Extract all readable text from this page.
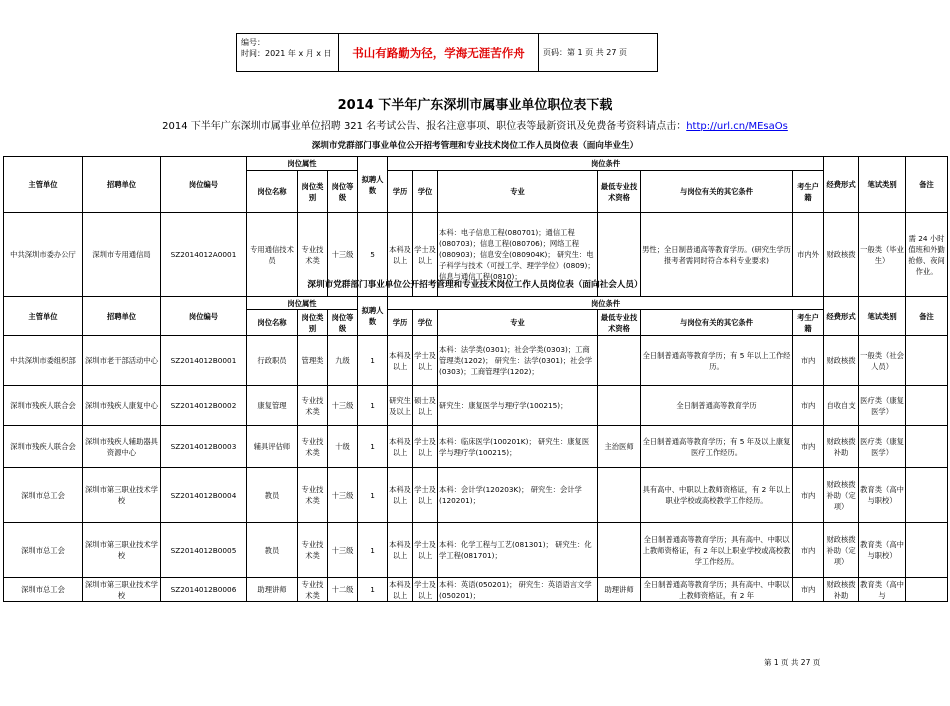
编号：
时间：2021 年 x 月 x 日	书山有路勤为径，学海无涯苦作舟	页码：第 1 页 共 27 页
2014 下半年广东深圳市属事业单位职位表下载
2014 下半年广东深圳市属事业单位招聘 321 名考试公告、报名注意事项、职位表等最新资讯及免费备考资料请点击：http://url.cn/MEsaOs
深圳市党群部门事业单位公开招考管理和专业技术岗位工作人员岗位表（面向毕业生）
主管单位	招聘单位	岗位编号	岗位属性			拟聘人数	岗位条件						经费形式	笔试类别	备注
			岗位名称	岗位类别	岗位等级		学历	学位	专业	最低专业技术资格	与岗位有关的其它条件	考生户籍			
中共深圳市委办公厅	深圳市专用通信局	SZ2014012A0001	专用通信技术员	专业技术类	十三级	5	本科及以上	学士及以上	本科：电子信息工程(080701)；通信工程(080703)；信息工程(080706)；网络工程(080903)；信息安全(080904K)； 研究生：电子科学与技术（可授工学、理学学位）(0809)；信息与通信工程(0810)；		男性；全日制普通高等教育学历。(研究生学历报考者需同时符合本科专业要求)	市内外	财政核拨	一般类（毕业生）	需 24 小时值班和外勤抢修、夜间作业。
深圳市党群部门事业单位公开招考管理和专业技术岗位工作人员岗位表（面向社会人员）
主管单位	招聘单位	岗位编号	岗位属性			拟聘人数	岗位条件						经费形式	笔试类别	备注
			岗位名称	岗位类别	岗位等级		学历	学位	专业	最低专业技术资格	与岗位有关的其它条件	考生户籍			
中共深圳市委组织部	深圳市老干部活动中心	SZ2014012B0001	行政职员	管理类	九级	1	本科及以上	学士及以上	本科：法学类(0301)；社会学类(0303)；工商管理类(1202)； 研究生：法学(0301)；社会学(0303)；工商管理学(1202)；		全日制普通高等教育学历；有 5 年以上工作经历。	市内	财政核拨	一般类（社会人员）	
深圳市残疾人联合会	深圳市残疾人康复中心	SZ2014012B0002	康复管理	专业技术类	十三级	1	研究生及以上	硕士及以上	研究生：康复医学与理疗学(100215)；		全日制普通高等教育学历	市内	自收自支	医疗类（康复医学）	
深圳市残疾人联合会	深圳市残疾人辅助器具资源中心	SZ2014012B0003	辅具评估师	专业技术类	十级	1	本科及以上	学士及以上	本科：临床医学(100201K)； 研究生：康复医学与理疗学(100215)；	主治医师	全日制普通高等教育学历；有 5 年及以上康复医疗工作经历。	市内	财政核拨补助	医疗类（康复医学）	
深圳市总工会	深圳市第三职业技术学校	SZ2014012B0004	教员	专业技术类	十三级	1	本科及以上	学士及以上	本科：会计学(120203K)； 研究生：会计学(120201)；		具有高中、中职以上教师资格证，有 2 年以上职业学校或高校教学工作经历。	市内	财政核拨补助（定项）	教育类（高中与职校）	
深圳市总工会	深圳市第三职业技术学校	SZ2014012B0005	教员	专业技术类	十三级	1	本科及以上	学士及以上	本科：化学工程与工艺(081301)； 研究生：化学工程(081701)；		全日制普通高等教育学历；具有高中、中职以上教师资格证，有 2 年以上职业学校或高校教学工作经历。	市内	财政核拨补助（定项）	教育类（高中与职校）	
深圳市总工会	深圳市第三职业技术学校	SZ2014012B0006	助理讲师	专业技术类	十二级	1	本科及以上	学士及以上	本科：英语(050201)； 研究生：英语语言文学(050201)；	助理讲师	全日制普通高等教育学历；具有高中、中职以上教师资格证，有 2 年	市内	财政核拨补助	教育类（高中与	
第 1 页 共 27 页
